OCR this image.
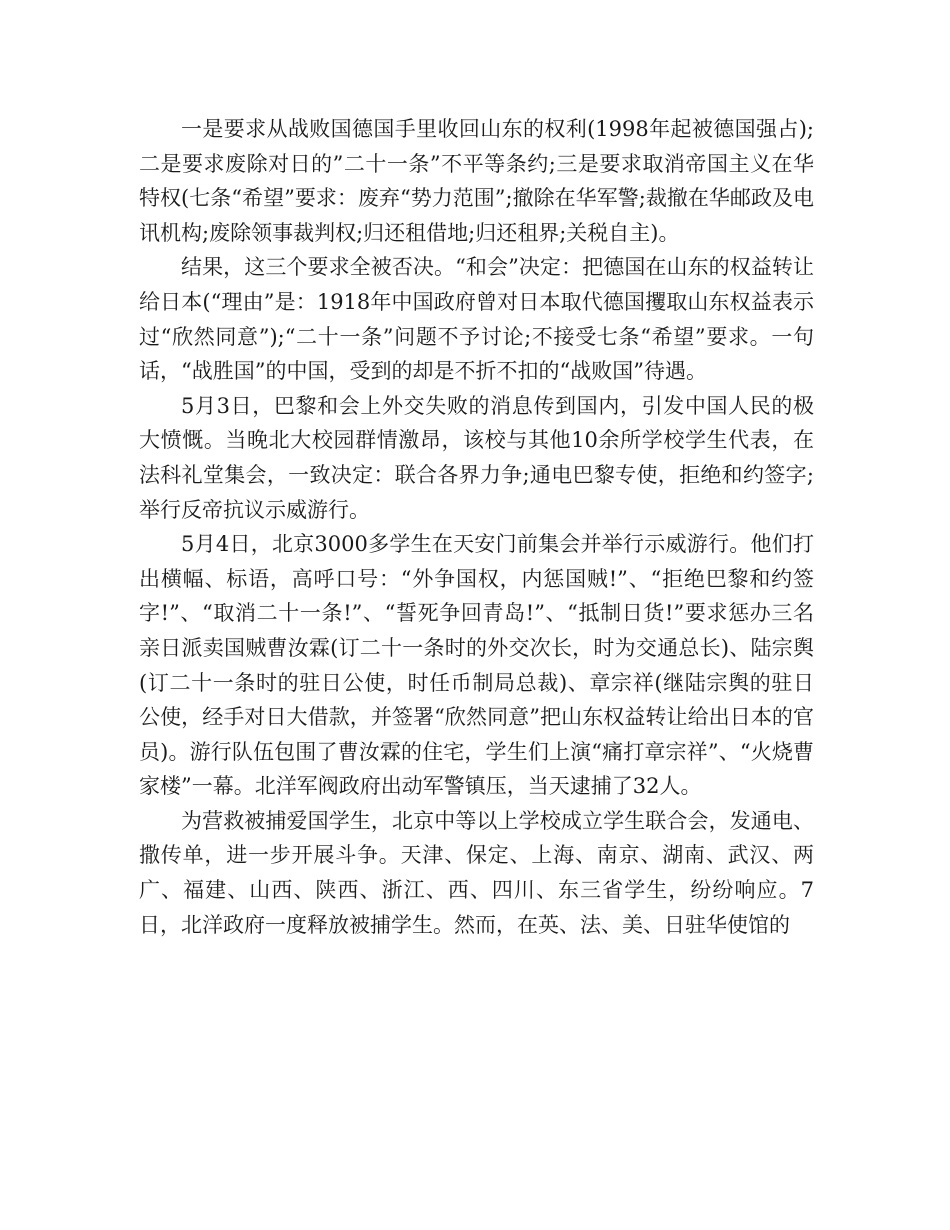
一是要求从战败国德国手里收回山东的权利(1998年起被德国强占);二是要求废除对日的”二十一条”不平等条约;三是要求取消帝国主义在华特权(七条“希望”要求：废弃“势力范围”;撤除在华军警;裁撤在华邮政及电讯机构;废除领事裁判权;归还租借地;归还租界;关税自主)。

结果，这三个要求全被否决。“和会”决定：把德国在山东的权益转让给日本(“理由”是：1918年中国政府曾对日本取代德国攫取山东权益表示过“欣然同意”);“二十一条”问题不予讨论;不接受七条“希望”要求。一句话，“战胜国”的中国，受到的却是不折不扣的“战败国”待遇。

5月3日，巴黎和会上外交失败的消息传到国内，引发中国人民的极大愤慨。当晚北大校园群情激昂，该校与其他10余所学校学生代表，在法科礼堂集会，一致决定：联合各界力争;通电巴黎专使，拒绝和约签字;举行反帝抗议示威游行。

5月4日，北京3000多学生在天安门前集会并举行示威游行。他们打出横幅、标语，高呼口号：“外争国权，内惩国贼!”、“拒绝巴黎和约签字!”、“取消二十一条!”、“誓死争回青岛!”、“抵制日货!”要求惩办三名亲日派卖国贼曹汝霖(订二十一条时的外交次长，时为交通总长)、陆宗舆(订二十一条时的驻日公使，时任币制局总裁)、章宗祥(继陆宗舆的驻日公使，经手对日大借款，并签署“欣然同意”把山东权益转让给出日本的官员)。游行队伍包围了曹汝霖的住宅，学生们上演“痛打章宗祥”、“火烧曹家楼”一幕。北洋军阀政府出动军警镇压，当天逮捕了32人。

为营救被捕爱国学生，北京中等以上学校成立学生联合会，发通电、撒传单，进一步开展斗争。天津、保定、上海、南京、湖南、武汉、两广、福建、山西、陕西、浙江、西、四川、东三省学生，纷纷响应。7日，北洋政府一度释放被捕学生。然而，在英、法、美、日驻华使馆的
